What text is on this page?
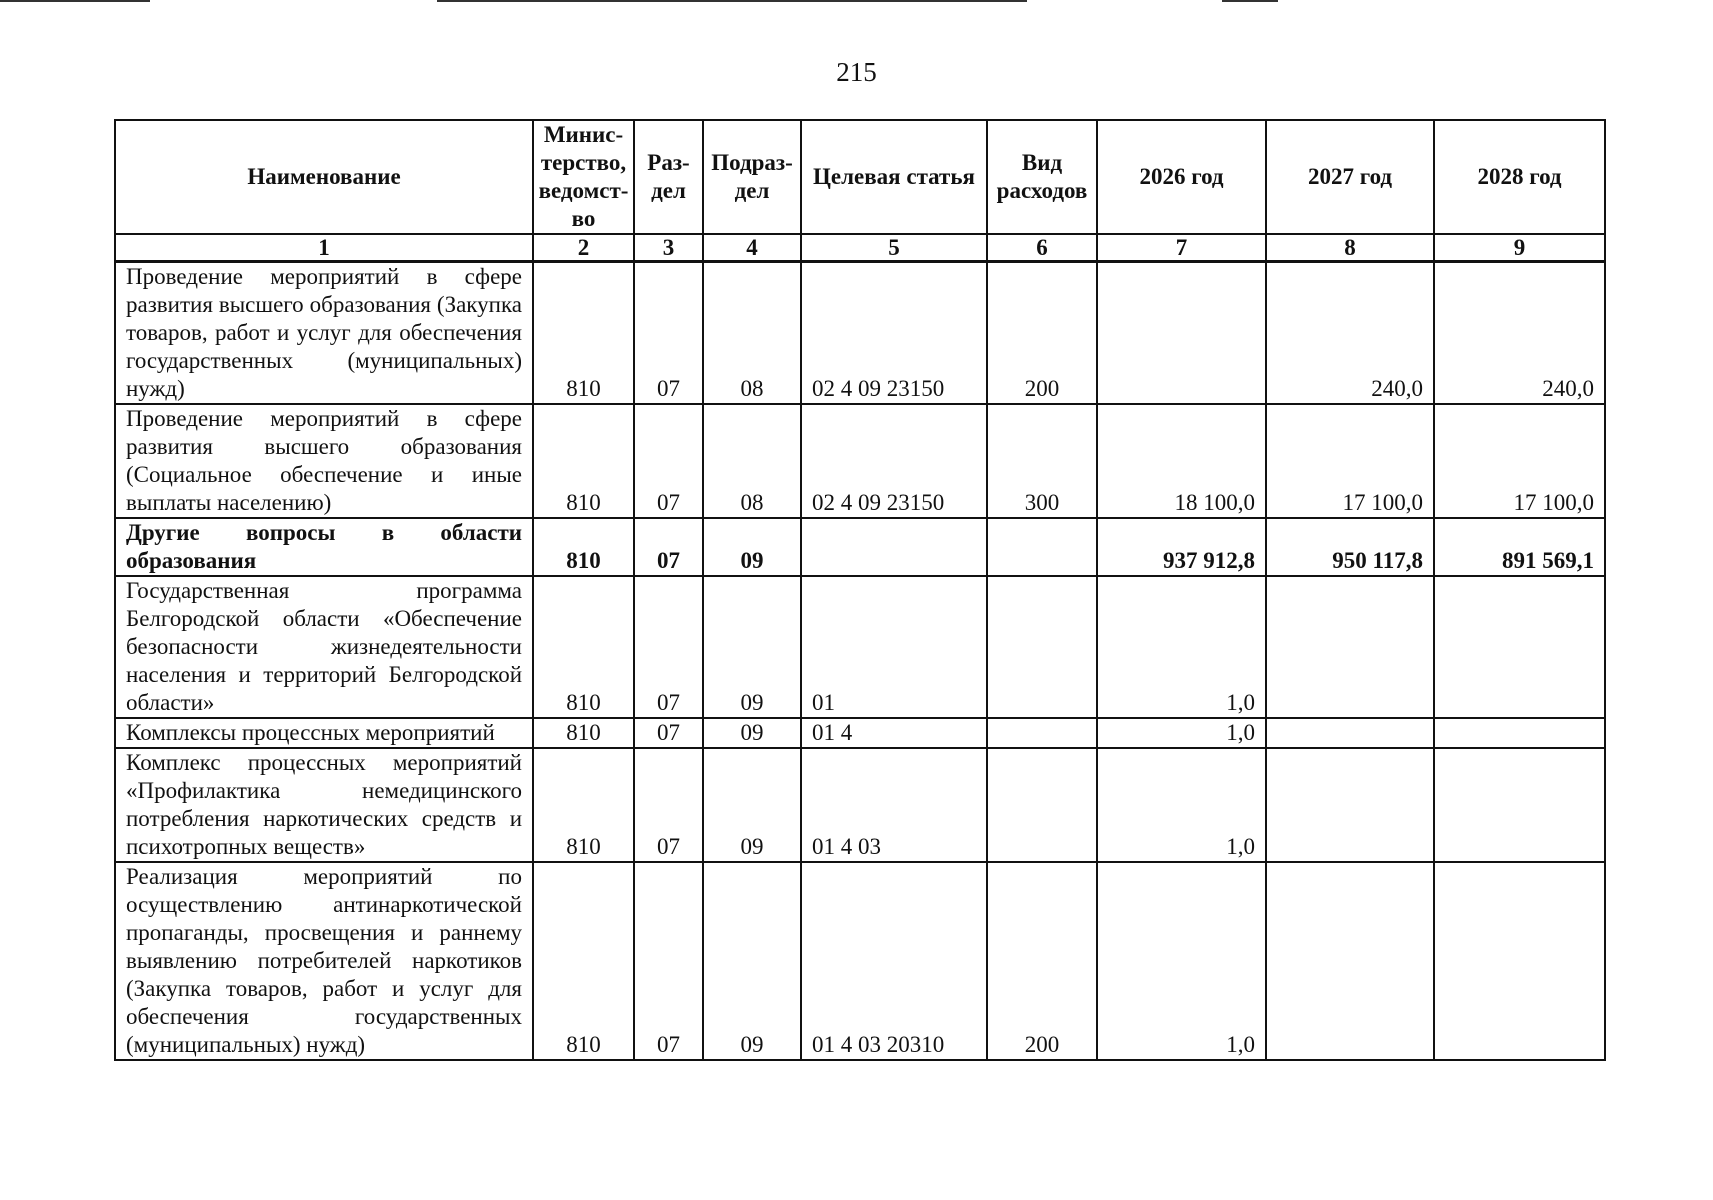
215
Наименование	Минис-терство, ведомст-во	Раз-дел	Подраз-дел	Целевая статья	Вид расходов	2026 год	2027 год	2028 год
1	2	3	4	5	6	7	8	9
Проведение мероприятий в сфере развития высшего образования (Закупка товаров, работ и услуг для обеспечения государственных (муниципальных) нужд)	810	07	08	02 4 09 23150	200		240,0	240,0
Проведение мероприятий в сфере развития высшего образования (Социальное обеспечение и иные выплаты населению)	810	07	08	02 4 09 23150	300	18 100,0	17 100,0	17 100,0
Другие вопросы в области образования	810	07	09			937 912,8	950 117,8	891 569,1
Государственная программа Белгородской области «Обеспечение безопасности жизнедеятельности населения и территорий Белгородской области»	810	07	09	01		1,0		
Комплексы процессных мероприятий	810	07	09	01 4		1,0		
Комплекс процессных мероприятий «Профилактика немедицинского потребления наркотических средств и психотропных веществ»	810	07	09	01 4 03		1,0		
Реализация мероприятий по осуществлению антинаркотической пропаганды, просвещения и раннему выявлению потребителей наркотиков (Закупка товаров, работ и услуг для обеспечения государственных (муниципальных) нужд)	810	07	09	01 4 03 20310	200	1,0		
